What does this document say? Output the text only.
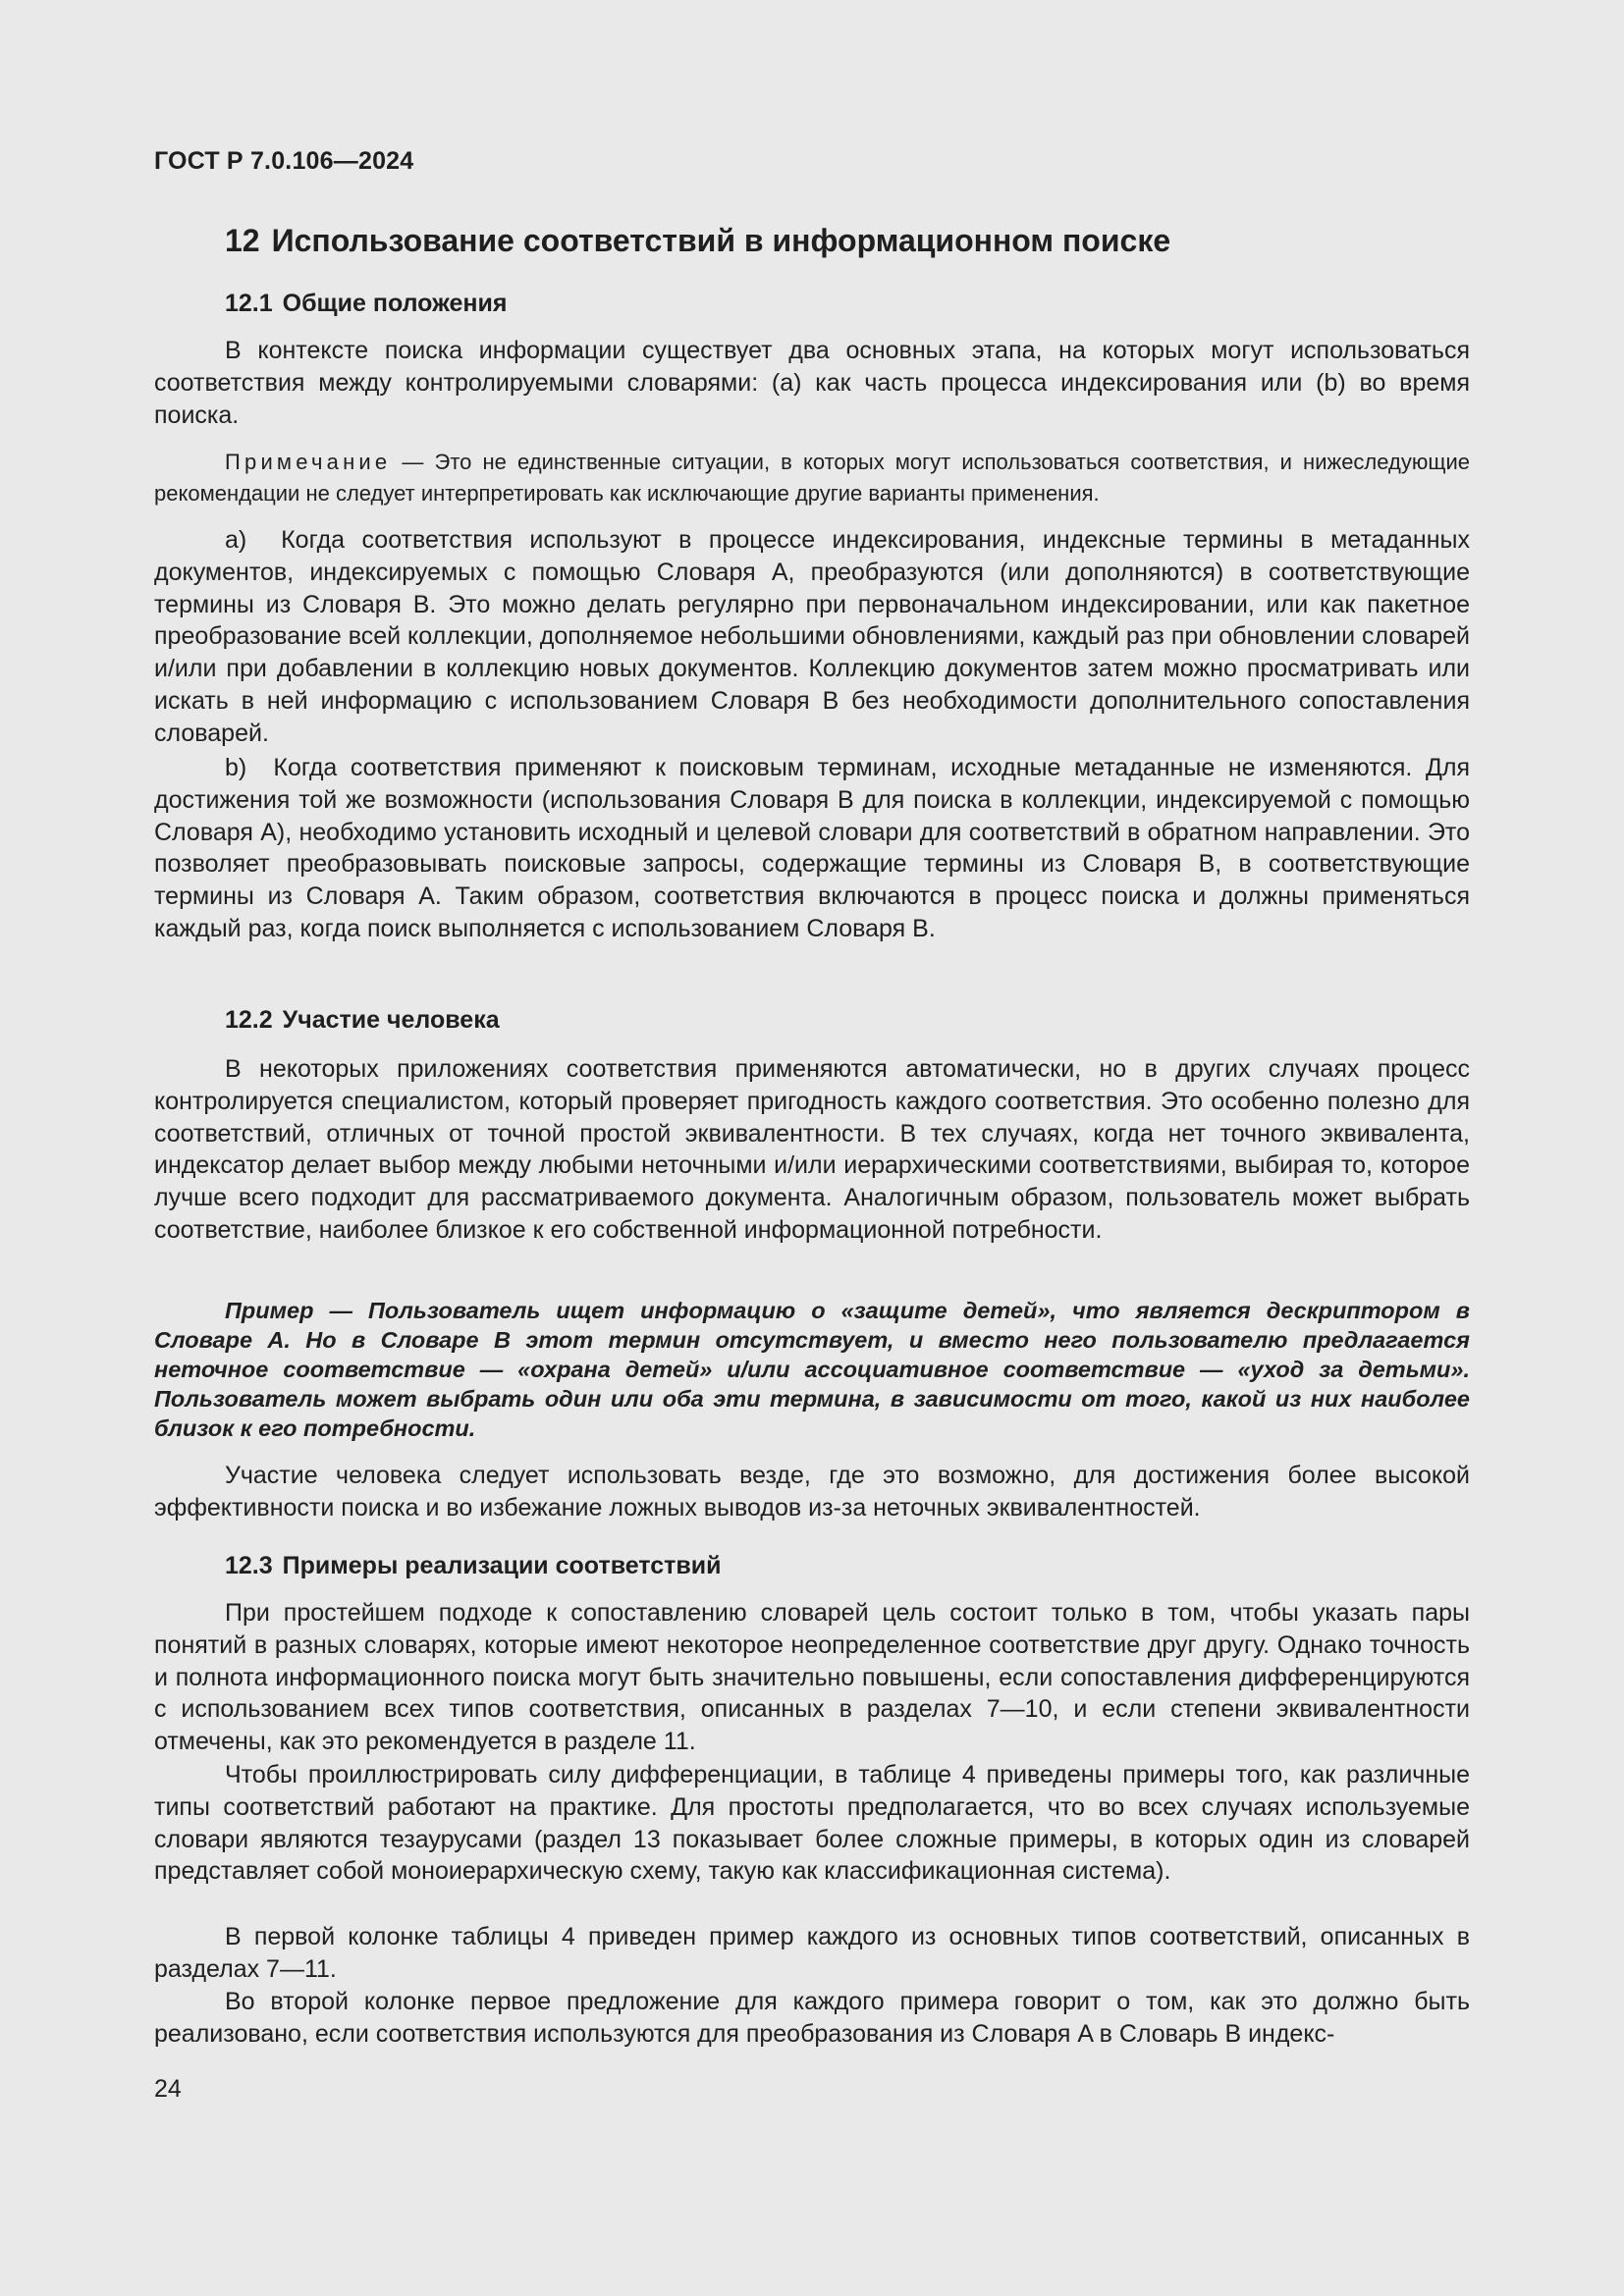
ГОСТ Р 7.0.106—2024
12 Использование соответствий в информационном поиске
12.1 Общие положения

В контексте поиска информации существует два основных этапа, на которых могут использоваться соответствия между контролируемыми словарями: (a) как часть процесса индексирования или (b) во время поиска.

Примечание — Это не единственные ситуации, в которых могут использоваться соответствия, и нижеследующие рекомендации не следует интерпретировать как исключающие другие варианты применения.

a)  Когда соответствия используют в процессе индексирования, индексные термины в метаданных документов, индексируемых с помощью Словаря A, преобразуются (или дополняются) в соответствующие термины из Словаря B. Это можно делать регулярно при первоначальном индексировании, или как пакетное преобразование всей коллекции, дополняемое небольшими обновлениями, каждый раз при обновлении словарей и/или при добавлении в коллекцию новых документов. Коллекцию документов затем можно просматривать или искать в ней информацию с использованием Словаря B без необходимости дополнительного сопоставления словарей.

b)  Когда соответствия применяют к поисковым терминам, исходные метаданные не изменяются. Для достижения той же возможности (использования Словаря B для поиска в коллекции, индексируемой с помощью Словаря A), необходимо установить исходный и целевой словари для соответствий в обратном направлении. Это позволяет преобразовывать поисковые запросы, содержащие термины из Словаря B, в соответствующие термины из Словаря A. Таким образом, соответствия включаются в процесс поиска и должны применяться каждый раз, когда поиск выполняется с использованием Словаря B.

12.2 Участие человека

В некоторых приложениях соответствия применяются автоматически, но в других случаях процесс контролируется специалистом, который проверяет пригодность каждого соответствия. Это особенно полезно для соответствий, отличных от точной простой эквивалентности. В тех случаях, когда нет точного эквивалента, индексатор делает выбор между любыми неточными и/или иерархическими соответствиями, выбирая то, которое лучше всего подходит для рассматриваемого документа. Аналогичным образом, пользователь может выбрать соответствие, наиболее близкое к его собственной информационной потребности.

Пример — Пользователь ищет информацию о «защите детей», что является дескриптором в Словаре A. Но в Словаре B этот термин отсутствует, и вместо него пользователю предлагается неточное соответствие — «охрана детей» и/или ассоциативное соответствие — «уход за детьми». Пользователь может выбрать один или оба эти термина, в зависимости от того, какой из них наиболее близок к его потребности.

Участие человека следует использовать везде, где это возможно, для достижения более высокой эффективности поиска и во избежание ложных выводов из-за неточных эквивалентностей.

12.3 Примеры реализации соответствий

При простейшем подходе к сопоставлению словарей цель состоит только в том, чтобы указать пары понятий в разных словарях, которые имеют некоторое неопределенное соответствие друг другу. Однако точность и полнота информационного поиска могут быть значительно повышены, если сопоставления дифференцируются с использованием всех типов соответствия, описанных в разделах 7—10, и если степени эквивалентности отмечены, как это рекомендуется в разделе 11.

Чтобы проиллюстрировать силу дифференциации, в таблице 4 приведены примеры того, как различные типы соответствий работают на практике. Для простоты предполагается, что во всех случаях используемые словари являются тезаурусами (раздел 13 показывает более сложные примеры, в которых один из словарей представляет собой моноиерархическую схему, такую как классификационная система).

В первой колонке таблицы 4 приведен пример каждого из основных типов соответствий, описанных в разделах 7—11.

Во второй колонке первое предложение для каждого примера говорит о том, как это должно быть реализовано, если соответствия используются для преобразования из Словаря A в Словарь B индекс-

24
